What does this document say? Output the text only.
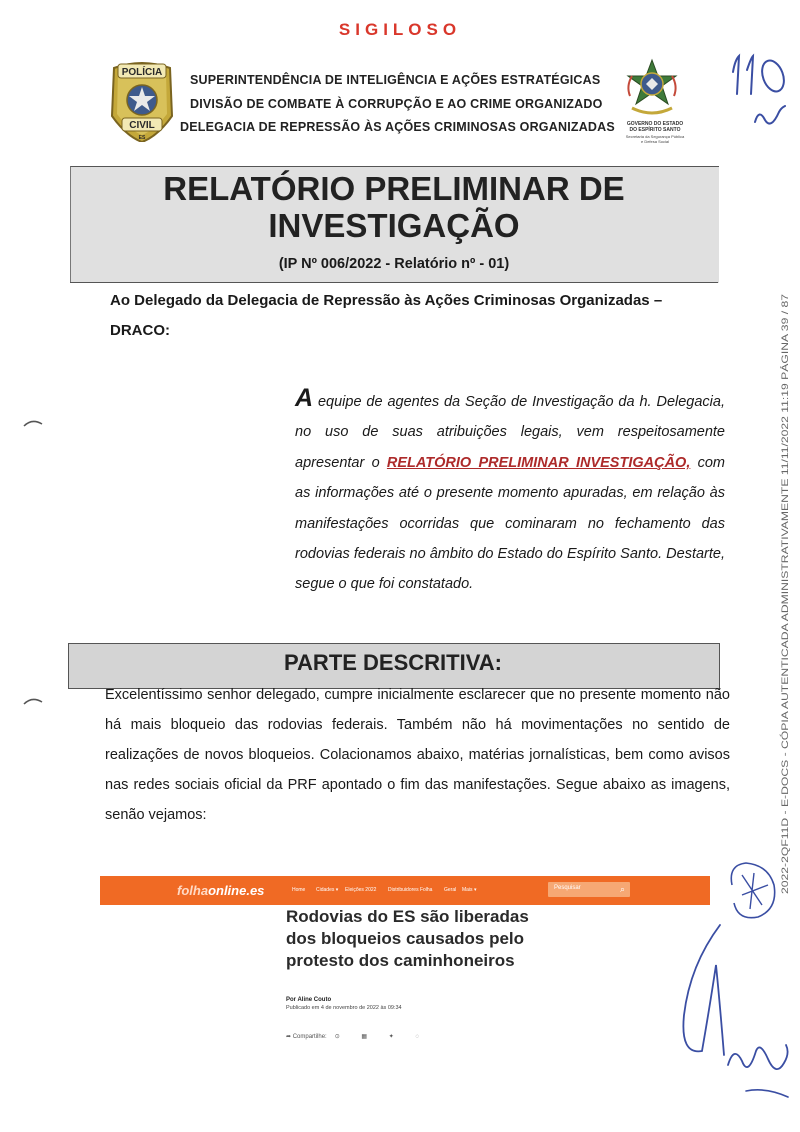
SIGILOSO
POLÍCIA
CIVIL
ES
SUPERINTENDÊNCIA DE INTELIGÊNCIA E AÇÕES ESTRATÉGICAS
DIVISÃO DE COMBATE À CORRUPÇÃO E AO CRIME ORGANIZADO
DELEGACIA DE REPRESSÃO ÀS AÇÕES CRIMINOSAS ORGANIZADAS	GOVERNO DO ESTADO
DO ESPÍRITO SANTO
Secretaria da Segurança Pública
e Defesa Social
RELATÓRIO PRELIMINAR DE
INVESTIGAÇÃO
(IP Nº 006/2022 - Relatório nº - 01)
Ao Delegado da Delegacia de Repressão às Ações Criminosas Organizadas –
DRACO:
A equipe de agentes da Seção de Investigação da h. Delegacia, no uso de suas atribuições legais, vem respeitosamente apresentar o RELATÓRIO PRELIMINAR INVESTIGAÇÃO, com as informações até o presente momento apuradas, em relação às manifestações ocorridas que cominaram no fechamento das rodovias federais no âmbito do Estado do Espírito Santo. Destarte, segue o que foi constatado.
PARTE DESCRITIVA:
Excelentíssimo senhor delegado, cumpre inicialmente esclarecer que no presente momento não há mais bloqueio das rodovias federais. Também não há movimentações no sentido de realizações de novos bloqueios. Colacionamos abaixo, matérias jornalísticas, bem como avisos nas redes sociais oficial da PRF apontado o fim das manifestações. Segue abaixo as imagens, senão vejamos:
folhaonline.es	Home Cidades ▾ Eleições 2022 Distribuidores Folha Geral Mais ▾	Pesquisar	⌕
Rodovias do ES são liberadas dos bloqueios causados pelo protesto dos caminhoneiros
Por Aline Couto
Publicado em 4 de novembro de 2022 às 09:34
➦ Compartilhe: ⊙ ▦ ✦ ◌
2022-2QF11D - E-DOCS - CÓPIA AUTENTICADA ADMINISTRATIVAMENTE 11/11/2022 11:19 PÁGINA 39 / 87
